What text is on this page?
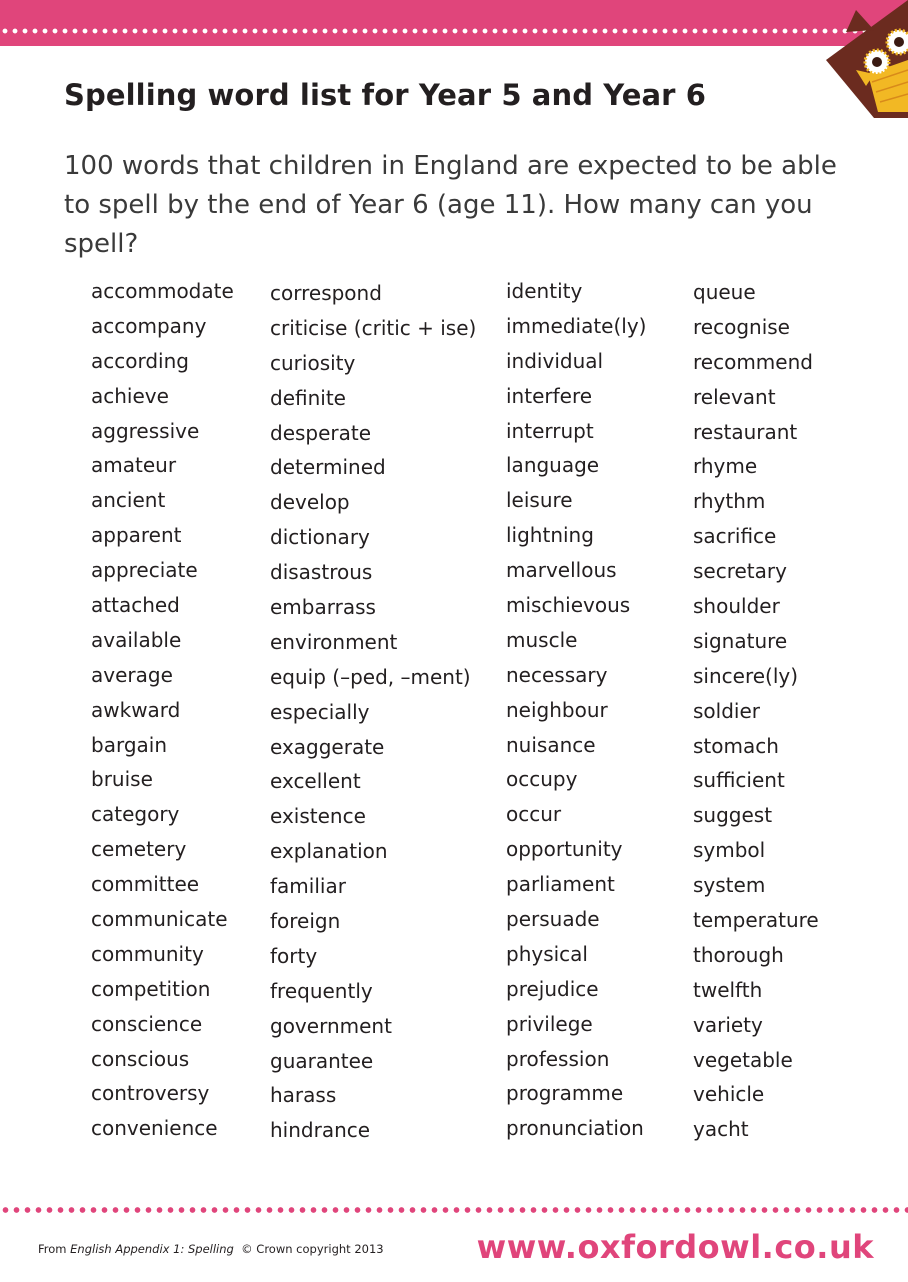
Spelling word list for Year 5 and Year 6

100 words that children in England are expected to be able to spell by the end of Year 6 (age 11). How many can you spell?

accommodate
accompany
according
achieve
aggressive
amateur
ancient
apparent
appreciate
attached
available
average
awkward
bargain
bruise
category
cemetery
committee
communicate
community
competition
conscience
conscious
controversy
convenience
correspond
criticise (critic + ise)
curiosity
definite
desperate
determined
develop
dictionary
disastrous
embarrass
environment
equip (–ped, –ment)
especially
exaggerate
excellent
existence
explanation
familiar
foreign
forty
frequently
government
guarantee
harass
hindrance
identity
immediate(ly)
individual
interfere
interrupt
language
leisure
lightning
marvellous
mischievous
muscle
necessary
neighbour
nuisance
occupy
occur
opportunity
parliament
persuade
physical
prejudice
privilege
profession
programme
pronunciation
queue
recognise
recommend
relevant
restaurant
rhyme
rhythm
sacrifice
secretary
shoulder
signature
sincere(ly)
soldier
stomach
sufficient
suggest
symbol
system
temperature
thorough
twelfth
variety
vegetable
vehicle
yacht
From English Appendix 1: Spelling  © Crown copyright 2013	www.oxfordowl.co.uk
